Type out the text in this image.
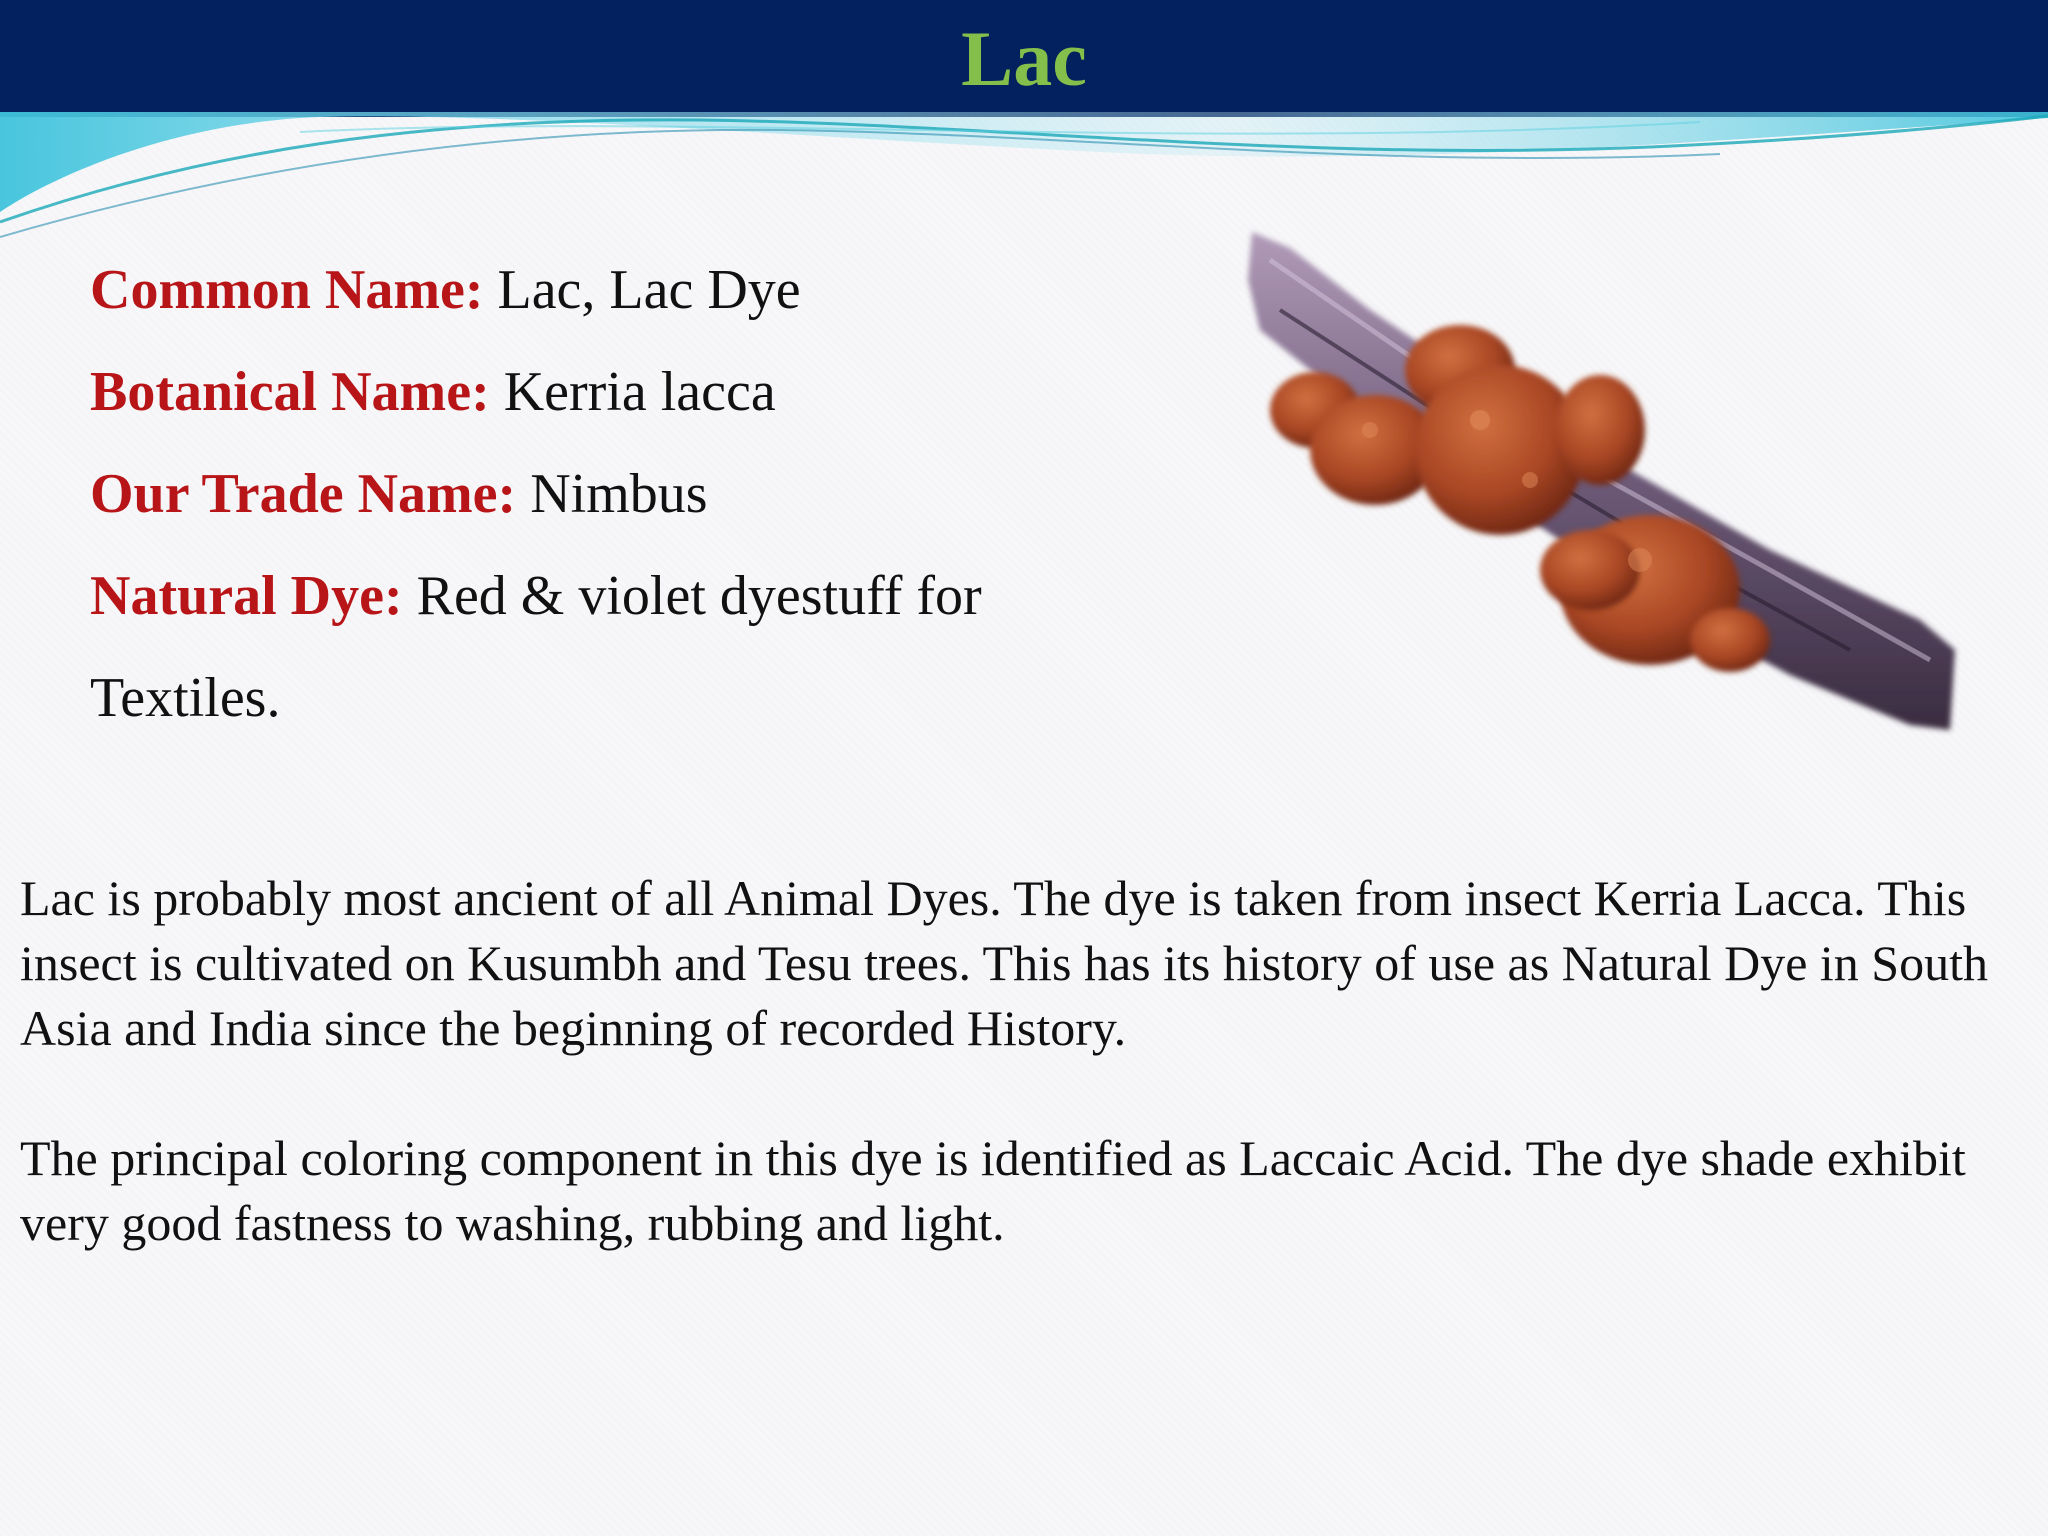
Lac
Common Name: Lac, Lac Dye
Botanical Name: Kerria lacca
Our Trade Name: Nimbus
Natural Dye: Red & violet dyestuff for
Textiles.

Lac is probably most ancient of all Animal Dyes. The dye is taken from insect Kerria Lacca. This insect is cultivated on Kusumbh and Tesu trees. This has its history of use as Natural Dye in South Asia and India since the beginning of recorded History.

The principal coloring component in this dye is identified as Laccaic Acid. The dye shade exhibit very good fastness to washing, rubbing and light.
